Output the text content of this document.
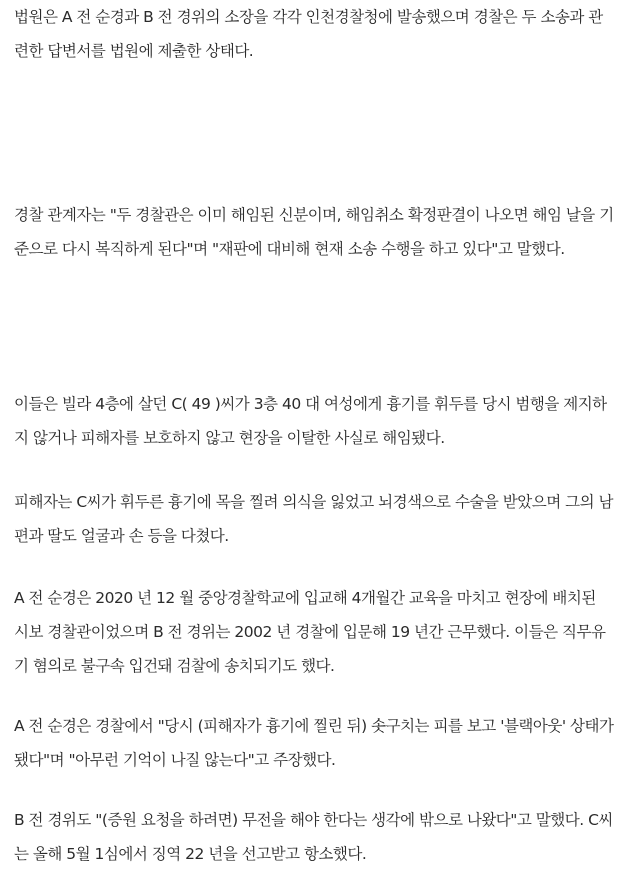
법원은 A 전 순경과 B 전 경위의 소장을 각각 인천경찰청에 발송했으며 경찰은 두 소송과 관
련한 답변서를 법원에 제출한 상태다.

경찰 관계자는 "두 경찰관은 이미 해임된 신분이며, 해임취소 확정판결이 나오면 해임 날을 기
준으로 다시 복직하게 된다"며 "재판에 대비해 현재 소송 수행을 하고 있다"고 말했다.

이들은 빌라 4층에 살던 C( 49 )씨가 3층 40 대 여성에게 흉기를 휘두를 당시 범행을 제지하
지 않거나 피해자를 보호하지 않고 현장을 이탈한 사실로 해임됐다.

피해자는 C씨가 휘두른 흉기에 목을 찔려 의식을 잃었고 뇌경색으로 수술을 받았으며 그의 남
편과 딸도 얼굴과 손 등을 다쳤다.

A 전 순경은 2020 년 12 월 중앙경찰학교에 입교해 4개월간 교육을 마치고 현장에 배치된
시보 경찰관이었으며 B 전 경위는 2002 년 경찰에 입문해 19 년간 근무했다. 이들은 직무유
기 혐의로 불구속 입건돼 검찰에 송치되기도 했다.

A 전 순경은 경찰에서 "당시 (피해자가 흉기에 찔린 뒤) 솟구치는 피를 보고 '블랙아웃' 상태가
됐다"며 "아무런 기억이 나질 않는다"고 주장했다.

B 전 경위도 "(증원 요청을 하려면) 무전을 해야 한다는 생각에 밖으로 나왔다"고 말했다. C씨
는 올해 5월 1심에서 징역 22 년을 선고받고 항소했다.
